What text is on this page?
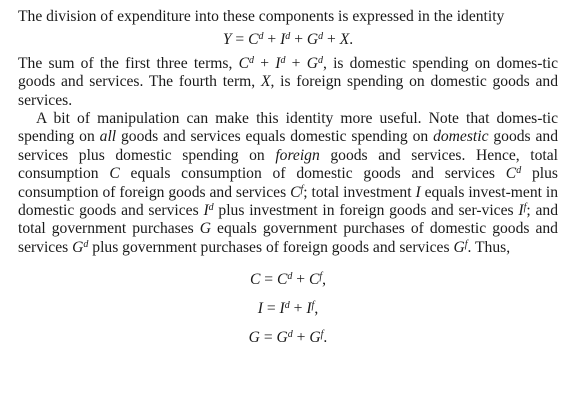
The division of expenditure into these components is expressed in the identity

$Y = C^d + I^d + G^d + X$.

The sum of the first three terms, $C^d + I^d + G^d$, is domestic spending on domes-tic goods and services. The fourth term, X, is foreign spending on domestic goods and services.

A bit of manipulation can make this identity more useful. Note that domes-tic spending on all goods and services equals domestic spending on domestic goods and services plus domestic spending on foreign goods and services. Hence, total consumption C equals consumption of domestic goods and services $C^d$ plus consumption of foreign goods and services $C^f$; total investment I equals invest-ment in domestic goods and services $I^d$ plus investment in foreign goods and ser-vices $I^f$; and total government purchases G equals government purchases of domestic goods and services $G^d$ plus government purchases of foreign goods and services $G^f$. Thus,

$C = C^d + C^f$,
$I = I^d + I^f$,
$G = G^d + G^f$.
